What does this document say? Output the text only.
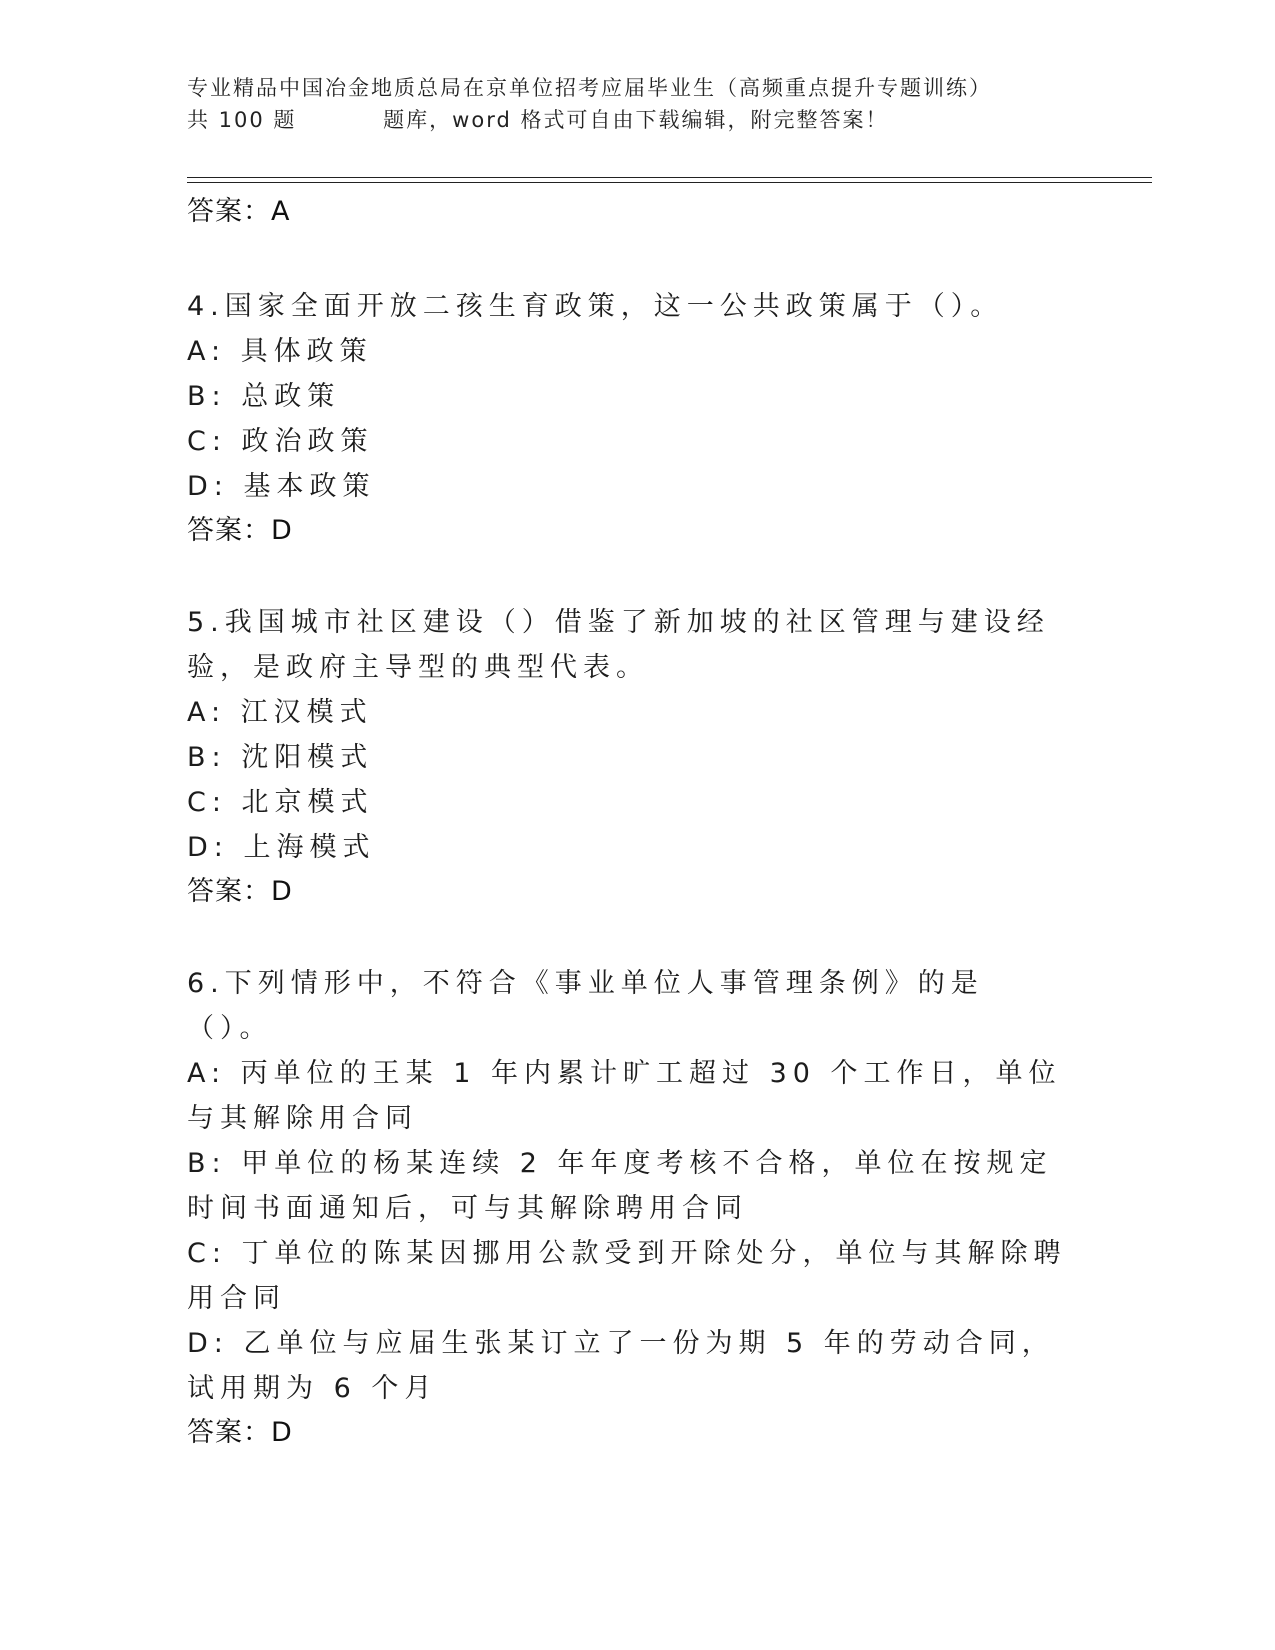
专业精品中国冶金地质总局在京单位招考应届毕业生（高频重点提升专题训练）
共 100 题          题库，word 格式可自由下载编辑，附完整答案！
答案：A
4.国家全面开放二孩生育政策，这一公共政策属于（）。
A: 具体政策
B: 总政策
C: 政治政策
D: 基本政策
答案：D
5.我国城市社区建设（）借鉴了新加坡的社区管理与建设经验，是政府主导型的典型代表。
A: 江汉模式
B: 沈阳模式
C: 北京模式
D: 上海模式
答案：D
6.下列情形中，不符合《事业单位人事管理条例》的是（）。
A: 丙单位的王某 1 年内累计旷工超过 30 个工作日，单位与其解除用合同
B: 甲单位的杨某连续 2 年年度考核不合格，单位在按规定时间书面通知后，可与其解除聘用合同
C: 丁单位的陈某因挪用公款受到开除处分，单位与其解除聘用合同
D: 乙单位与应届生张某订立了一份为期 5 年的劳动合同，试用期为 6 个月
答案：D
